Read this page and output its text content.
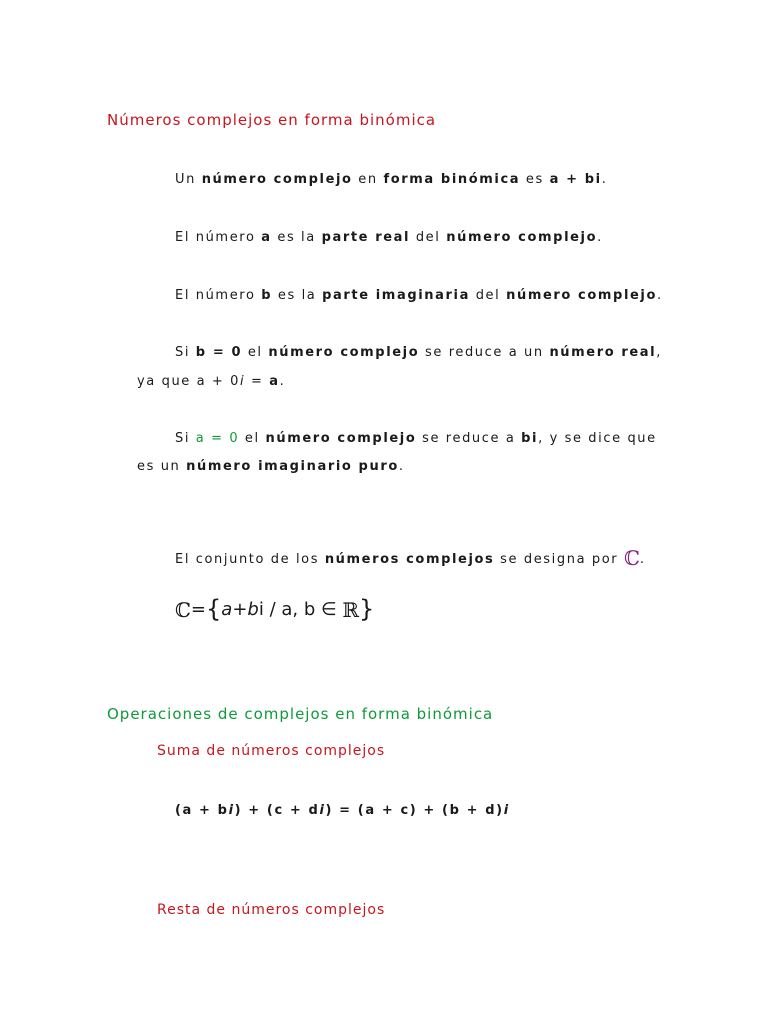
Números complejos en forma binómica
Un número complejo en forma binómica es a + bi.
El número a es la parte real del número complejo.
El número b es la parte imaginaria del número complejo.
Si b = 0 el número complejo se reduce a un número real,
ya que a + 0i = a.
Si a = 0 el número complejo se reduce a bi, y se dice que
es un número imaginario puro.
El conjunto de los números complejos se designa por ℂ.
ℂ={a+bi / a, b ∈ ℝ}
Operaciones de complejos en forma binómica
Suma de números complejos
(a + bi) + (c + di) = (a + c) + (b + d)i
Resta de números complejos
